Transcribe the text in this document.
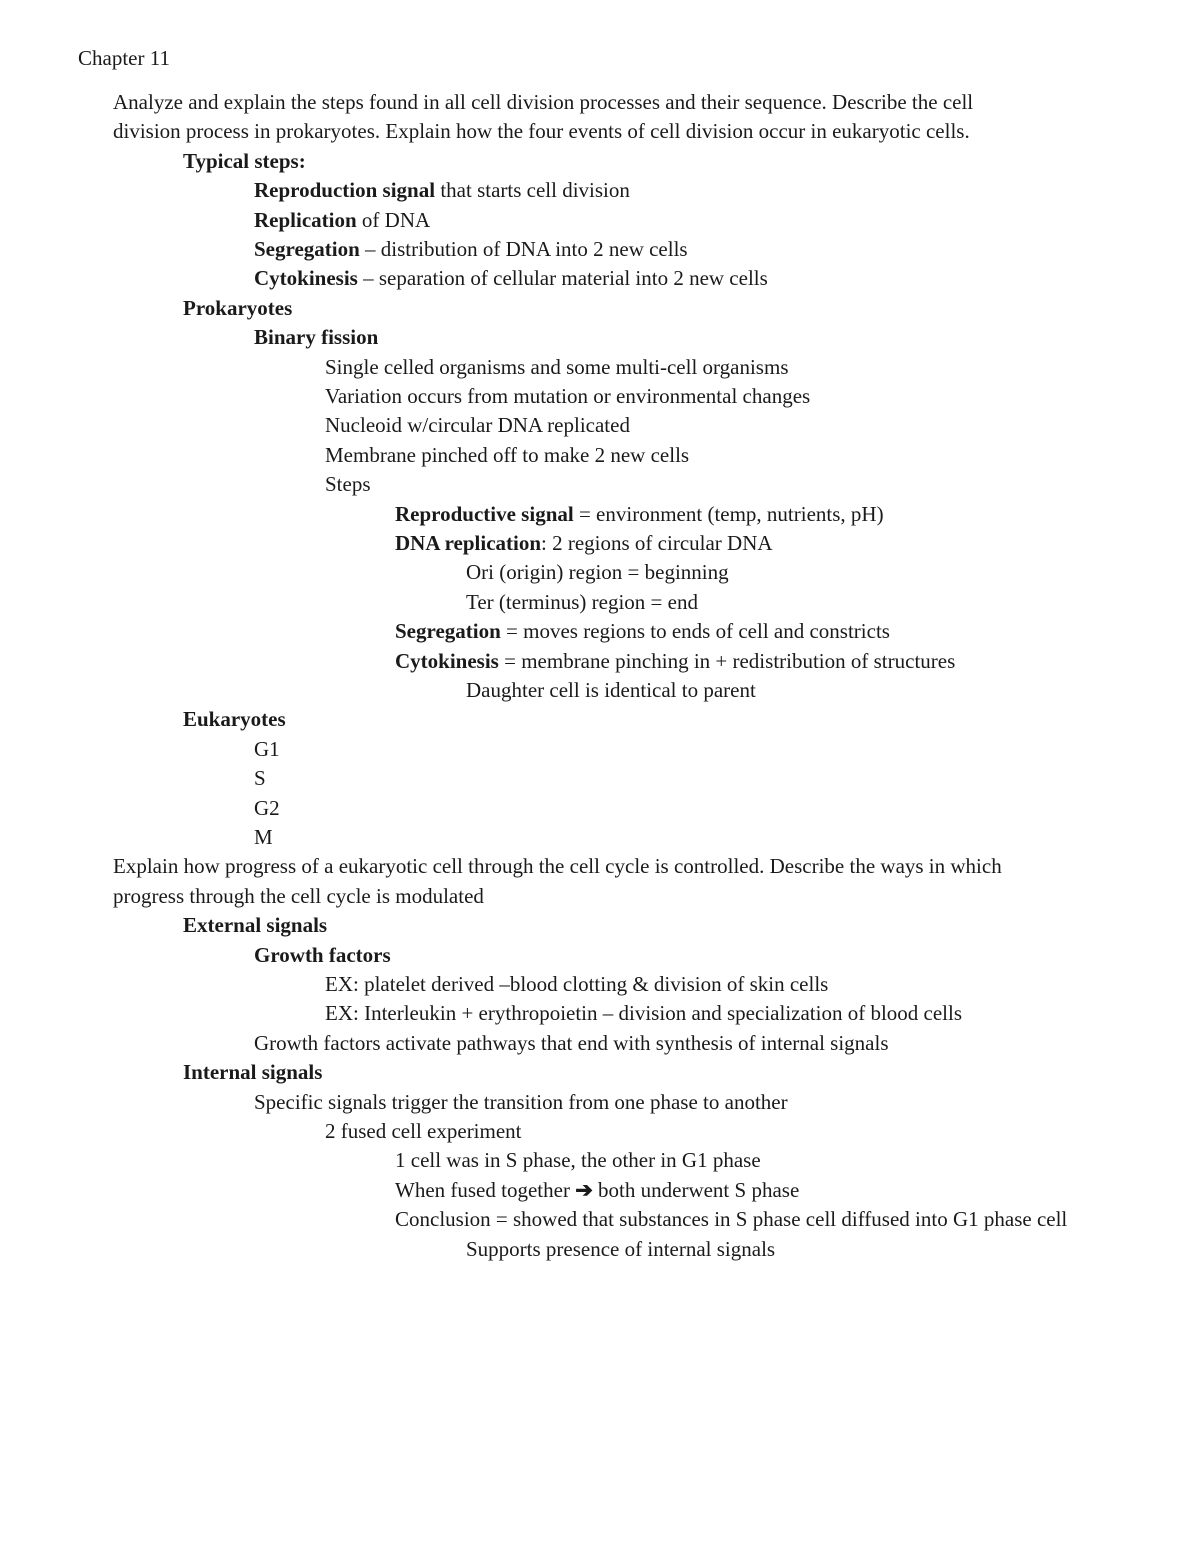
Chapter 11
Analyze and explain the steps found in all cell division processes and their sequence. Describe the cell
division process in prokaryotes. Explain how the four events of cell division occur in eukaryotic cells.
Typical steps:
Reproduction signal that starts cell division
Replication of DNA
Segregation – distribution of DNA into 2 new cells
Cytokinesis – separation of cellular material into 2 new cells
Prokaryotes
Binary fission
Single celled organisms and some multi-cell organisms
Variation occurs from mutation or environmental changes
Nucleoid w/circular DNA replicated
Membrane pinched off to make 2 new cells
Steps
Reproductive signal = environment (temp, nutrients, pH)
DNA replication: 2 regions of circular DNA
Ori (origin) region = beginning
Ter (terminus) region = end
Segregation = moves regions to ends of cell and constricts
Cytokinesis = membrane pinching in + redistribution of structures
Daughter cell is identical to parent
Eukaryotes
G1
S
G2
M
Explain how progress of a eukaryotic cell through the cell cycle is controlled. Describe the ways in which
progress through the cell cycle is modulated
External signals
Growth factors
EX: platelet derived –blood clotting & division of skin cells
EX: Interleukin + erythropoietin – division and specialization of blood cells
Growth factors activate pathways that end with synthesis of internal signals
Internal signals
Specific signals trigger the transition from one phase to another
2 fused cell experiment
1 cell was in S phase, the other in G1 phase
When fused together ➔ both underwent S phase
Conclusion = showed that substances in S phase cell diffused into G1 phase cell
Supports presence of internal signals
